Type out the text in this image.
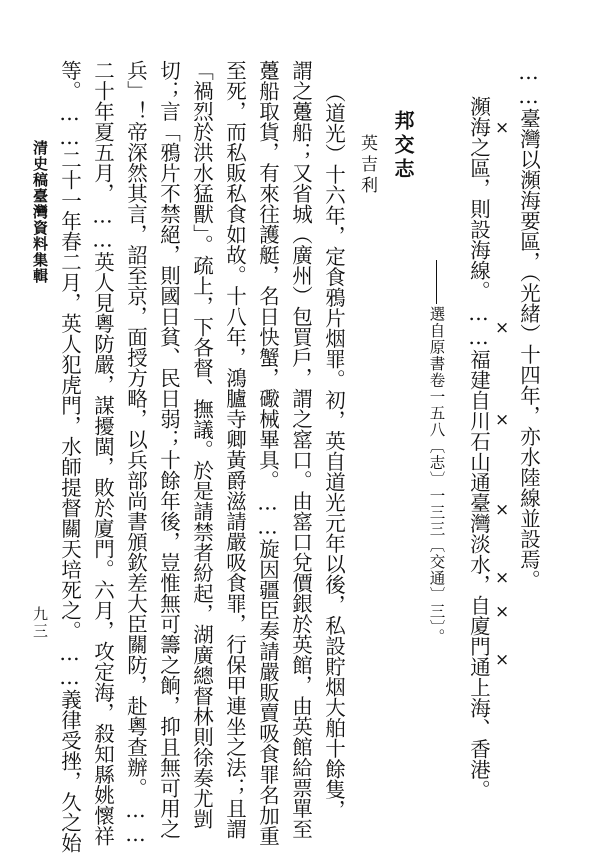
……臺灣以瀕海要區，（光緒）十四年，亦水陸線並設焉。
瀕海之區，則設海線。……福建自川石山通臺灣淡水，自廈門通上海、香港。
選自原書卷一五八〔志〕一三三〔交通〕三〕。
×
×
×
×
×
×
×
邦交志
英吉利
（道光）十六年，定食鴉片烟罪。初，英自道光元年以後，私設貯烟大舶十餘隻，
謂之躉船；又省城（廣州）包買戶，謂之窰口。由窰口兌價銀於英館，由英館給票單至
躉船取貨，有來往護艇，名日快蟹，礮械畢具。……旋因疆臣奏請嚴販賣吸食罪名加重
至死，而私販私食如故。十八年，鴻臚寺卿黃爵滋請嚴吸食罪，行保甲連坐之法；且謂
「禍烈於洪水猛獸」。疏上，下各督、撫議。於是請禁者紛起，湖廣總督林則徐奏尤剴
切；言「鴉片不禁絕，則國日貧、民日弱；十餘年後，豈惟無可籌之餉，抑且無可用之
兵」！帝深然其言，詔至京，面授方略，以兵部尚書頒欽差大臣關防，赴粵查辦。……
二十年夏五月，……英人見粵防嚴，謀擾閩，敗於廈門。六月，攻定海，殺知縣姚懷祥
等。……二十一年春二月，英人犯虎門，水師提督關天培死之。……義律受挫，久之始
清史稿臺灣資料集輯
九三
